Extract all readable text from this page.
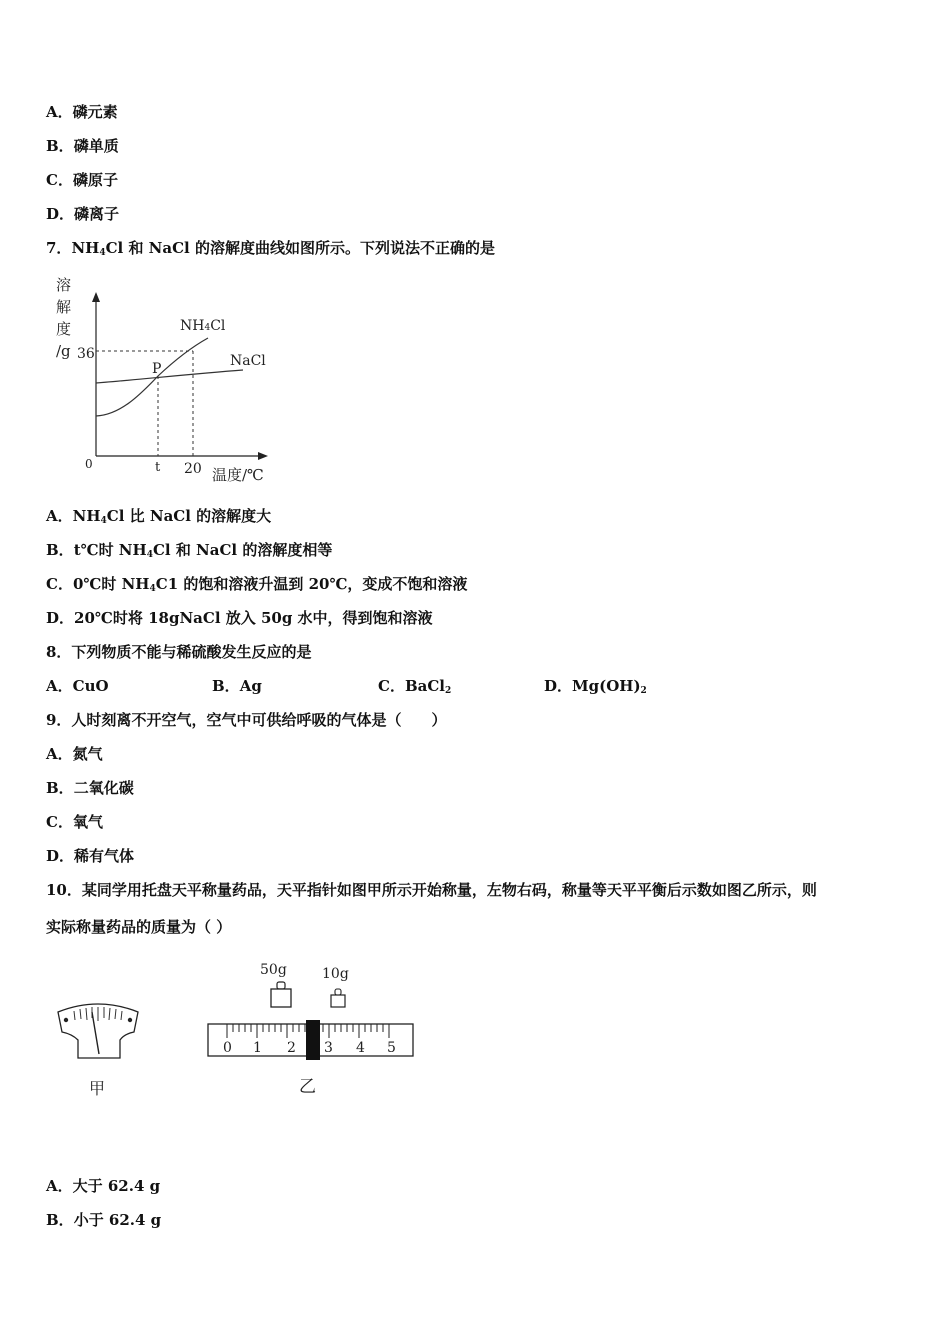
A．磷元素
B．磷单质
C．磷原子
D．磷离子
7．$NH_4Cl$ 和 NaCl 的溶解度曲线如图所示。下列说法不正确的是
溶
解
度
/g 36
NH4Cl
NaCl
P
0	t 20 温度/℃
A．$NH_4Cl$ 比 NaCl 的溶解度大
B．t℃时 $NH_4Cl$ 和 NaCl 的溶解度相等
C．0℃时 $NH_4C1$ 的饱和溶液升温到 20℃，变成不饱和溶液
D．20℃时将 18gNaCl 放入 50g 水中，得到饱和溶液
8．下列物质不能与稀硫酸发生反应的是
A．CuO	B．Ag	C．BaCl$_2$	D．$Mg(OH)_2$
9．人时刻离不开空气，空气中可供给呼吸的气体是（　　）
A．氮气
B．二氧化碳
C．氧气
D．稀有气体
10．某同学用托盘天平称量药品，天平指针如图甲所示开始称量，左物右码，称量等天平平衡后示数如图乙所示，则
实际称量药品的质量为（ ）
甲
50g	10g
0 1 2 3 4 5
乙
A．大于 62.4 g
B．小于 62.4 g
